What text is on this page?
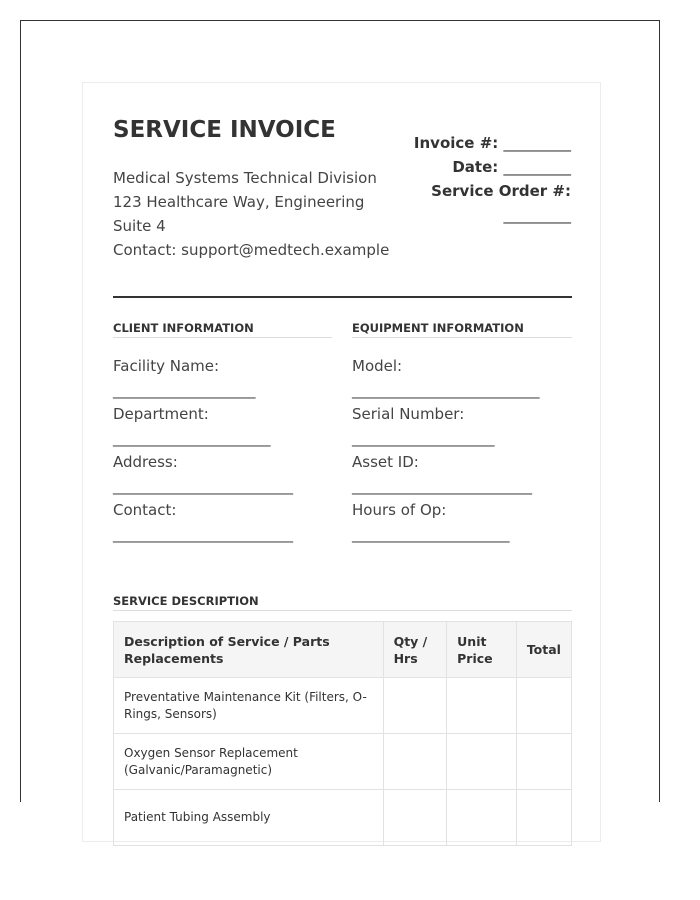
SERVICE INVOICE
Medical Systems Technical Division
123 Healthcare Way, Engineering
Suite 4
Contact: support@medtech.example
Invoice #: _________
Date: _________
Service Order #:
_________
CLIENT INFORMATION	EQUIPMENT INFORMATION
Facility Name:
___________________
Department:
_____________________
Address:
________________________
Contact:
________________________
Model:
_________________________
Serial Number:
___________________
Asset ID:
________________________
Hours of Op:
_____________________
SERVICE DESCRIPTION
Description of Service / Parts Replacements	Qty / Hrs	Unit Price	Total
Preventative Maintenance Kit (Filters, O-Rings, Sensors)			
Oxygen Sensor Replacement (Galvanic/Paramagnetic)			
Patient Tubing Assembly			
